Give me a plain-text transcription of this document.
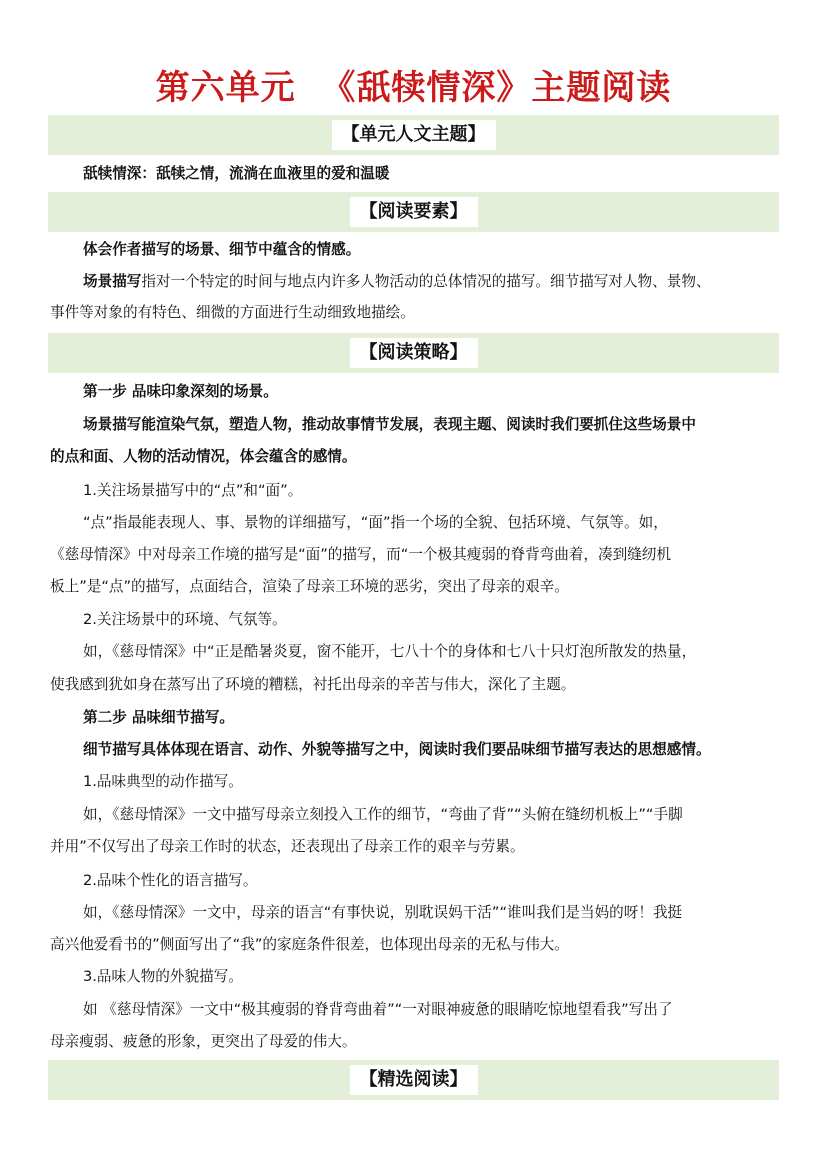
第六单元  《舐犊情深》主题阅读
【单元人文主题】

舐犊情深：舐犊之情，流淌在血液里的爱和温暖

【阅读要素】

体会作者描写的场景、细节中蕴含的情感。

场景描写指对一个特定的时间与地点内许多人物活动的总体情况的描写。细节描写对人物、景物、

事件等对象的有特色、细微的方面进行生动细致地描绘。

【阅读策略】

第一步 品味印象深刻的场景。

场景描写能渲染气氛，塑造人物，推动故事情节发展，表现主题、阅读时我们要抓住这些场景中

的点和面、人物的活动情况，体会蕴含的感情。

1.关注场景描写中的“点”和“面”。

“点”指最能表现人、事、景物的详细描写，“面”指一个场的全貌、包括环境、气氛等。如，

《慈母情深》中对母亲工作境的描写是“面”的描写，而“一个极其瘦弱的脊背弯曲着，凑到缝纫机

板上”是“点”的描写，点面结合，渲染了母亲工环境的恶劣，突出了母亲的艰辛。

2.关注场景中的环境、气氛等。

如，《慈母情深》中“正是酷暑炎夏，窗不能开，七八十个的身体和七八十只灯泡所散发的热量，

使我感到犹如身在蒸写出了环境的糟糕，衬托出母亲的辛苦与伟大，深化了主题。

第二步 品味细节描写。

细节描写具体体现在语言、动作、外貌等描写之中，阅读时我们要品味细节描写表达的思想感情。

1.品味典型的动作描写。

如，《慈母情深》一文中描写母亲立刻投入工作的细节，“弯曲了背”“头俯在缝纫机板上”“手脚

并用”不仅写出了母亲工作时的状态，还表现出了母亲工作的艰辛与劳累。

2.品味个性化的语言描写。

如，《慈母情深》一文中，母亲的语言“有事快说，别耽误妈干活”“谁叫我们是当妈的呀！我挺

高兴他爱看书的”侧面写出了“我”的家庭条件很差，也体现出母亲的无私与伟大。

3.品味人物的外貌描写。

如 《慈母情深》一文中“极其瘦弱的脊背弯曲着”“一对眼神疲惫的眼睛吃惊地望看我”写出了

母亲瘦弱、疲惫的形象，更突出了母爱的伟大。

【精选阅读】
